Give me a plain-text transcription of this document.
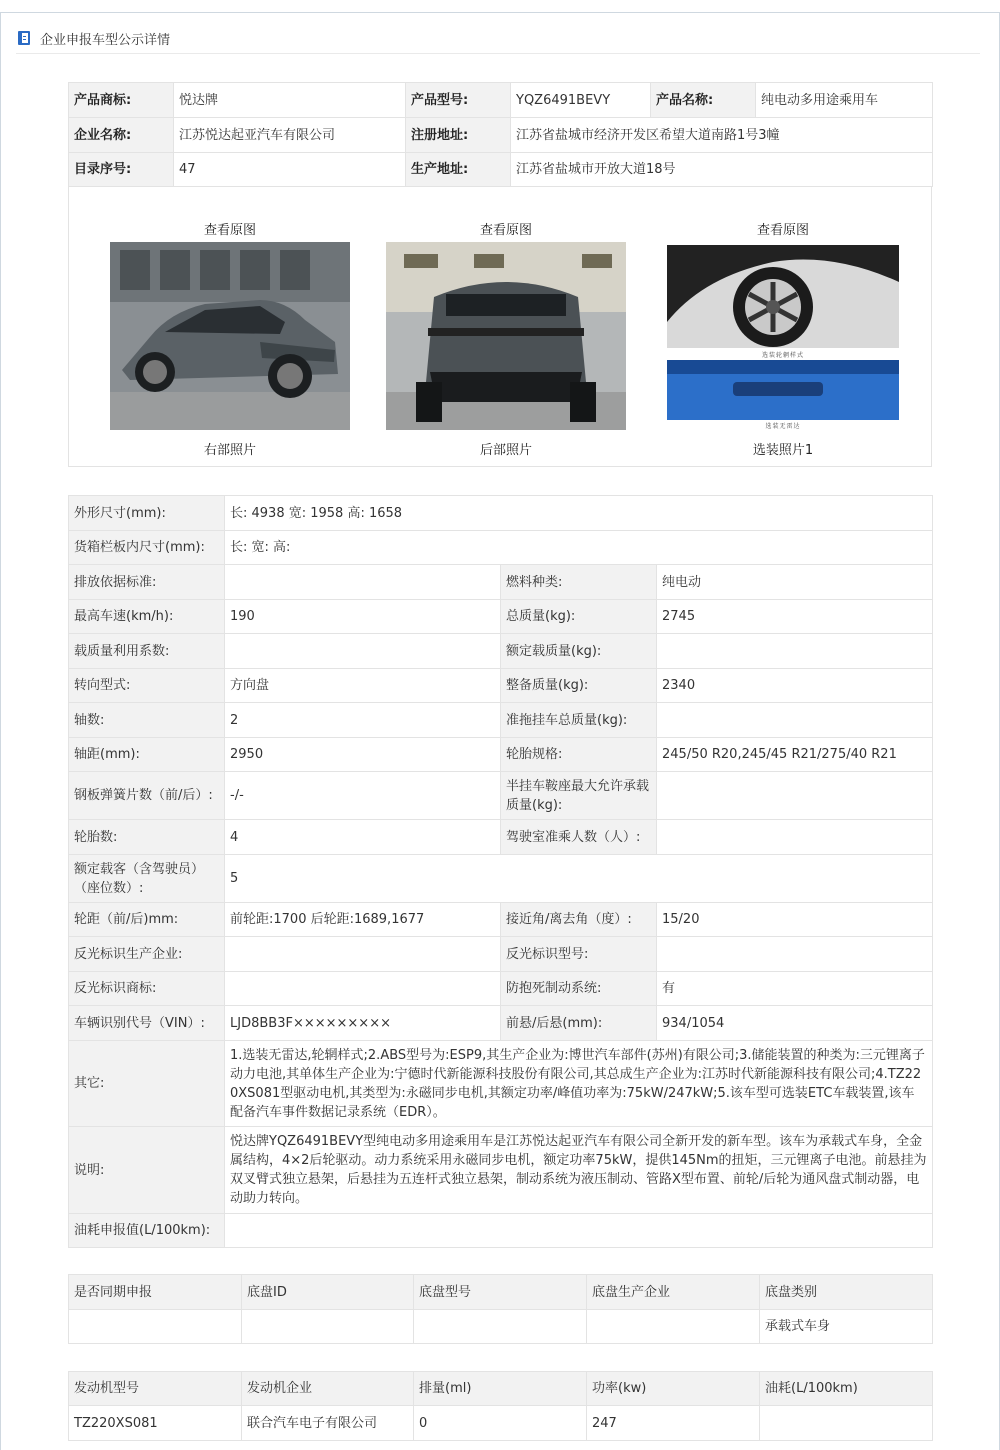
企业申报车型公示详情
产品商标:	悦达牌	产品型号:	YQZ6491BEVY	产品名称:	纯电动多用途乘用车
企业名称:	江苏悦达起亚汽车有限公司	注册地址:	江苏省盐城市经济开发区希望大道南路1号3幢		
目录序号:	47	生产地址:	江苏省盐城市开放大道18号		
查看原图
右部照片
查看原图
后部照片
查看原图
选装轮辋样式
选装无雷达
选装照片1
外形尺寸(mm):	长: 4938 宽: 1958 高: 1658		
货箱栏板内尺寸(mm):	长: 宽: 高:		
排放依据标准:		燃料种类:	纯电动
最高车速(km/h):	190	总质量(kg):	2745
载质量利用系数:		额定载质量(kg):	
转向型式:	方向盘	整备质量(kg):	2340
轴数:	2	准拖挂车总质量(kg):	
轴距(mm):	2950	轮胎规格:	245/50 R20,245/45 R21/275/40 R21
钢板弹簧片数（前/后）:	-/-	半挂车鞍座最大允许承载质量(kg):	
轮胎数:	4	驾驶室准乘人数（人）:	
额定载客（含驾驶员）（座位数）:	5		
轮距（前/后)mm:	前轮距:1700 后轮距:1689,1677	接近角/离去角（度）:	15/20
反光标识生产企业:		反光标识型号:	
反光标识商标:		防抱死制动系统:	有
车辆识别代号（VIN）:	LJD8BB3F×××××××××	前悬/后悬(mm):	934/1054
其它:	1.选装无雷达,轮辋样式;2.ABS型号为:ESP9,其生产企业为:博世汽车部件(苏州)有限公司;3.储能装置的种类为:三元锂离子动力电池,其单体生产企业为:宁德时代新能源科技股份有限公司,其总成生产企业为:江苏时代新能源科技有限公司;4.TZ220XS081型驱动电机,其类型为:永磁同步电机,其额定功率/峰值功率为:75kW/247kW;5.该车型可选装ETC车载装置,该车配备汽车事件数据记录系统（EDR）。		
说明:	悦达牌YQZ6491BEVY型纯电动多用途乘用车是江苏悦达起亚汽车有限公司全新开发的新车型。该车为承载式车身，全金属结构，4×2后轮驱动。动力系统采用永磁同步电机，额定功率75kW，提供145Nm的扭矩，三元锂离子电池。前悬挂为双叉臂式独立悬架，后悬挂为五连杆式独立悬架，制动系统为液压制动、管路X型布置、前轮/后轮为通风盘式制动器，电动助力转向。		
油耗申报值(L/100km):			
是否同期申报	底盘ID	底盘型号	底盘生产企业	底盘类别
				承载式车身
发动机型号	发动机企业	排量(ml)	功率(kw)	油耗(L/100km)
TZ220XS081	联合汽车电子有限公司	0	247	
